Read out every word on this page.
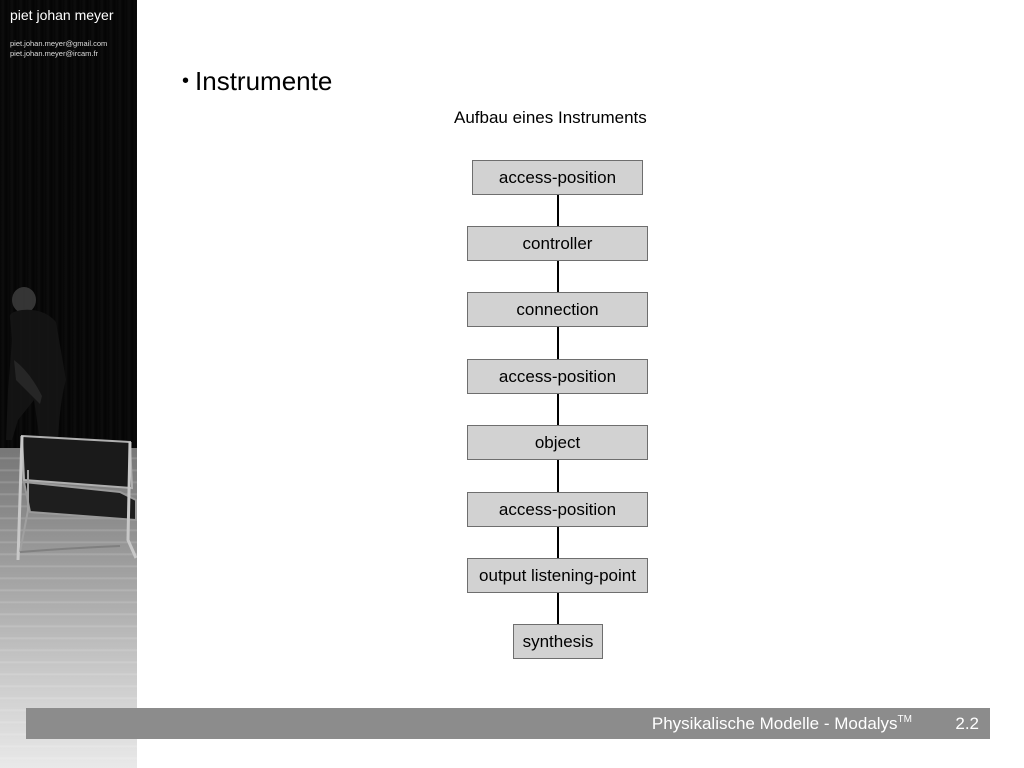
piet johan meyer
piet.johan.meyer@gmail.com
piet.johan.meyer@ircam.fr
• Instrumente
Aufbau eines Instruments
access-position
controller
connection
access-position
object
access-position
output listening-point
synthesis
Physikalische Modelle - Modalys™	2.2
